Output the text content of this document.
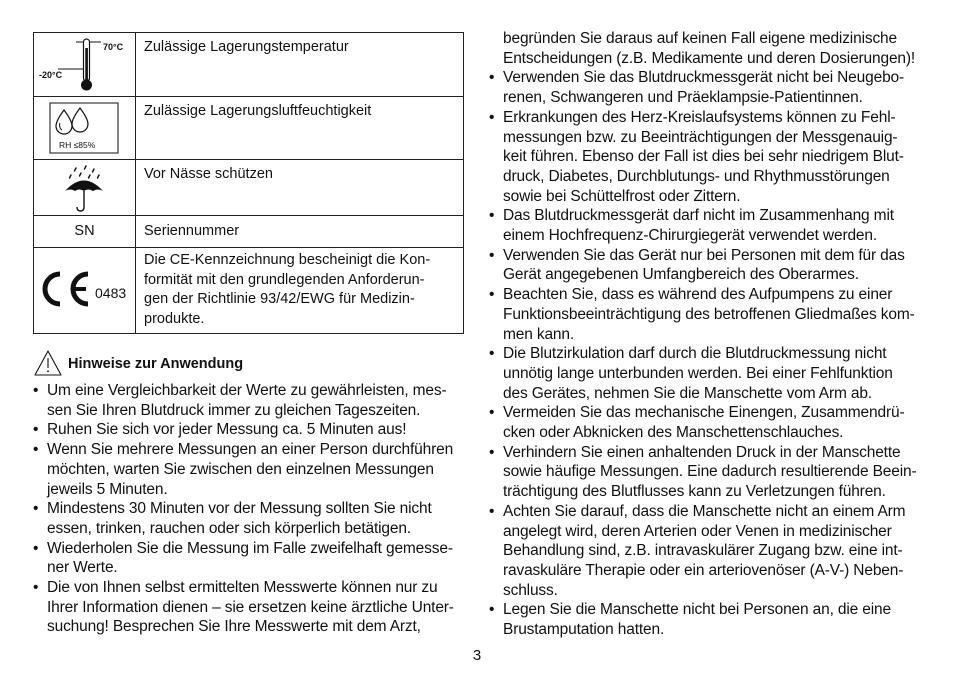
70°C
-20°C	Zulässige Lagerungstemperatur

RH ≤85%	Zulässige Lagerungsluftfeuchtigkeit

	Vor Nässe schützen
SN	Seriennummer

0483	Die CE-Kennzeichnung bescheinigt die Kon-
formität mit den grundlegenden Anforderun-
gen der Richtlinie 93/42/EWG für Medizin-
produkte.
Hinweise zur Anwendung
• Um eine Vergleichbarkeit der Werte zu gewährleisten, mes-
sen Sie Ihren Blutdruck immer zu gleichen Tageszeiten.
• Ruhen Sie sich vor jeder Messung ca. 5 Minuten aus!
• Wenn Sie mehrere Messungen an einer Person durchführen
möchten, warten Sie zwischen den einzelnen Messungen
jeweils 5 Minuten.
• Mindestens 30 Minuten vor der Messung sollten Sie nicht
essen, trinken, rauchen oder sich körperlich betätigen.
• Wiederholen Sie die Messung im Falle zweifelhaft gemesse-
ner Werte.
• Die von Ihnen selbst ermittelten Messwerte können nur zu
Ihrer Information dienen – sie ersetzen keine ärztliche Unter-
suchung! Besprechen Sie Ihre Messwerte mit dem Arzt,

begründen Sie daraus auf keinen Fall eigene medizinische
Entscheidungen (z.B. Medikamente und deren Dosierungen)!

• Verwenden Sie das Blutdruckmessgerät nicht bei Neugebo-
renen, Schwangeren und Präeklampsie-Patientinnen.
• Erkrankungen des Herz-Kreislaufsystems können zu Fehl-
messungen bzw. zu Beeinträchtigungen der Messgenauig-
keit führen. Ebenso der Fall ist dies bei sehr niedrigem Blut-
druck, Diabetes, Durchblutungs- und Rhythmusstörungen
sowie bei Schüttelfrost oder Zittern.
• Das Blutdruckmessgerät darf nicht im Zusammenhang mit
einem Hochfrequenz-Chirurgiegerät verwendet werden.
• Verwenden Sie das Gerät nur bei Personen mit dem für das
Gerät angegebenen Umfangbereich des Oberarmes.
• Beachten Sie, dass es während des Aufpumpens zu einer
Funktionsbeeinträchtigung des betroffenen Gliedmaßes kom-
men kann.
• Die Blutzirkulation darf durch die Blutdruckmessung nicht
unnötig lange unterbunden werden. Bei einer Fehlfunktion
des Gerätes, nehmen Sie die Manschette vom Arm ab.
• Vermeiden Sie das mechanische Einengen, Zusammendrü-
cken oder Abknicken des Manschettenschlauches.
• Verhindern Sie einen anhaltenden Druck in der Manschette
sowie häufige Messungen. Eine dadurch resultierende Beein-
trächtigung des Blutflusses kann zu Verletzungen führen.
• Achten Sie darauf, dass die Manschette nicht an einem Arm
angelegt wird, deren Arterien oder Venen in medizinischer
Behandlung sind, z.B. intravaskulärer Zugang bzw. eine int-
ravaskuläre Therapie oder ein arteriovenöser (A-V-) Neben-
schluss.
• Legen Sie die Manschette nicht bei Personen an, die eine
Brustamputation hatten.
3
